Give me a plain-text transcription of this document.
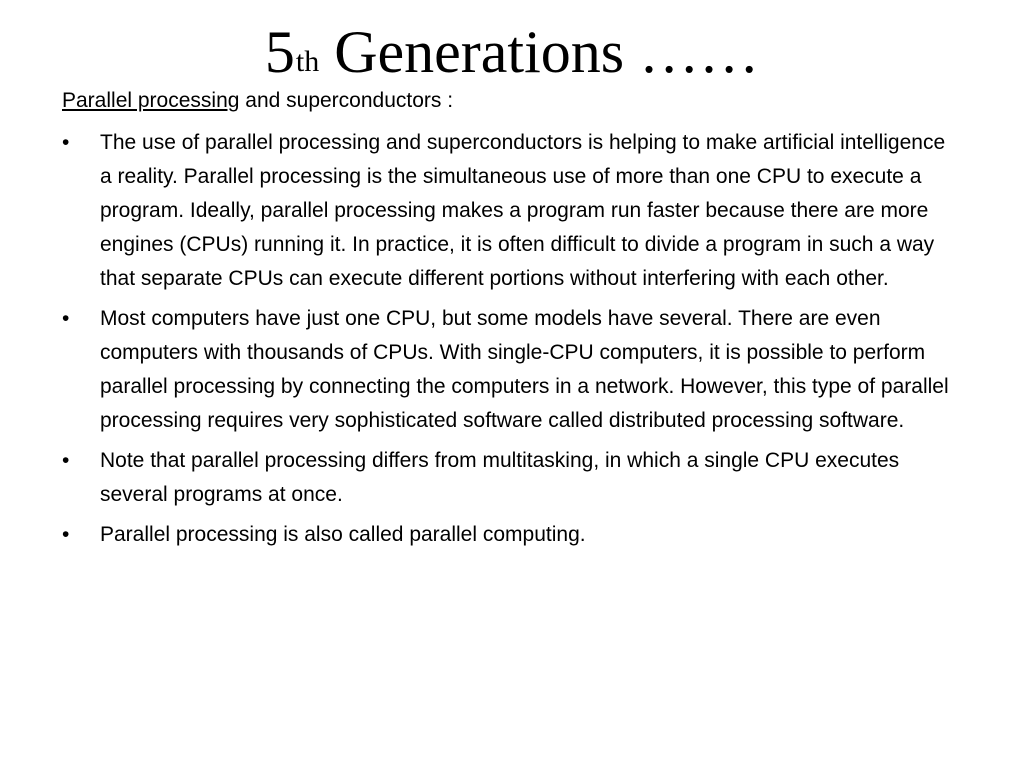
5th Generations ……
Parallel processing and superconductors :
•	The use of parallel processing and superconductors is helping to make artificial intelligence a reality. Parallel processing is the simultaneous use of more than one CPU to execute a program. Ideally, parallel processing makes a program run faster because there are more engines (CPUs) running it. In practice, it is often difficult to divide a program in such a way that separate CPUs can execute different portions without interfering with each other.
•	Most computers have just one CPU, but some models have several. There are even computers with thousands of CPUs. With single-CPU computers, it is possible to perform parallel processing by connecting the computers in a network. However, this type of parallel processing requires very sophisticated software called distributed processing software.
•	Note that parallel processing differs from multitasking, in which a single CPU executes several programs at once.
•	Parallel processing is also called parallel computing.
